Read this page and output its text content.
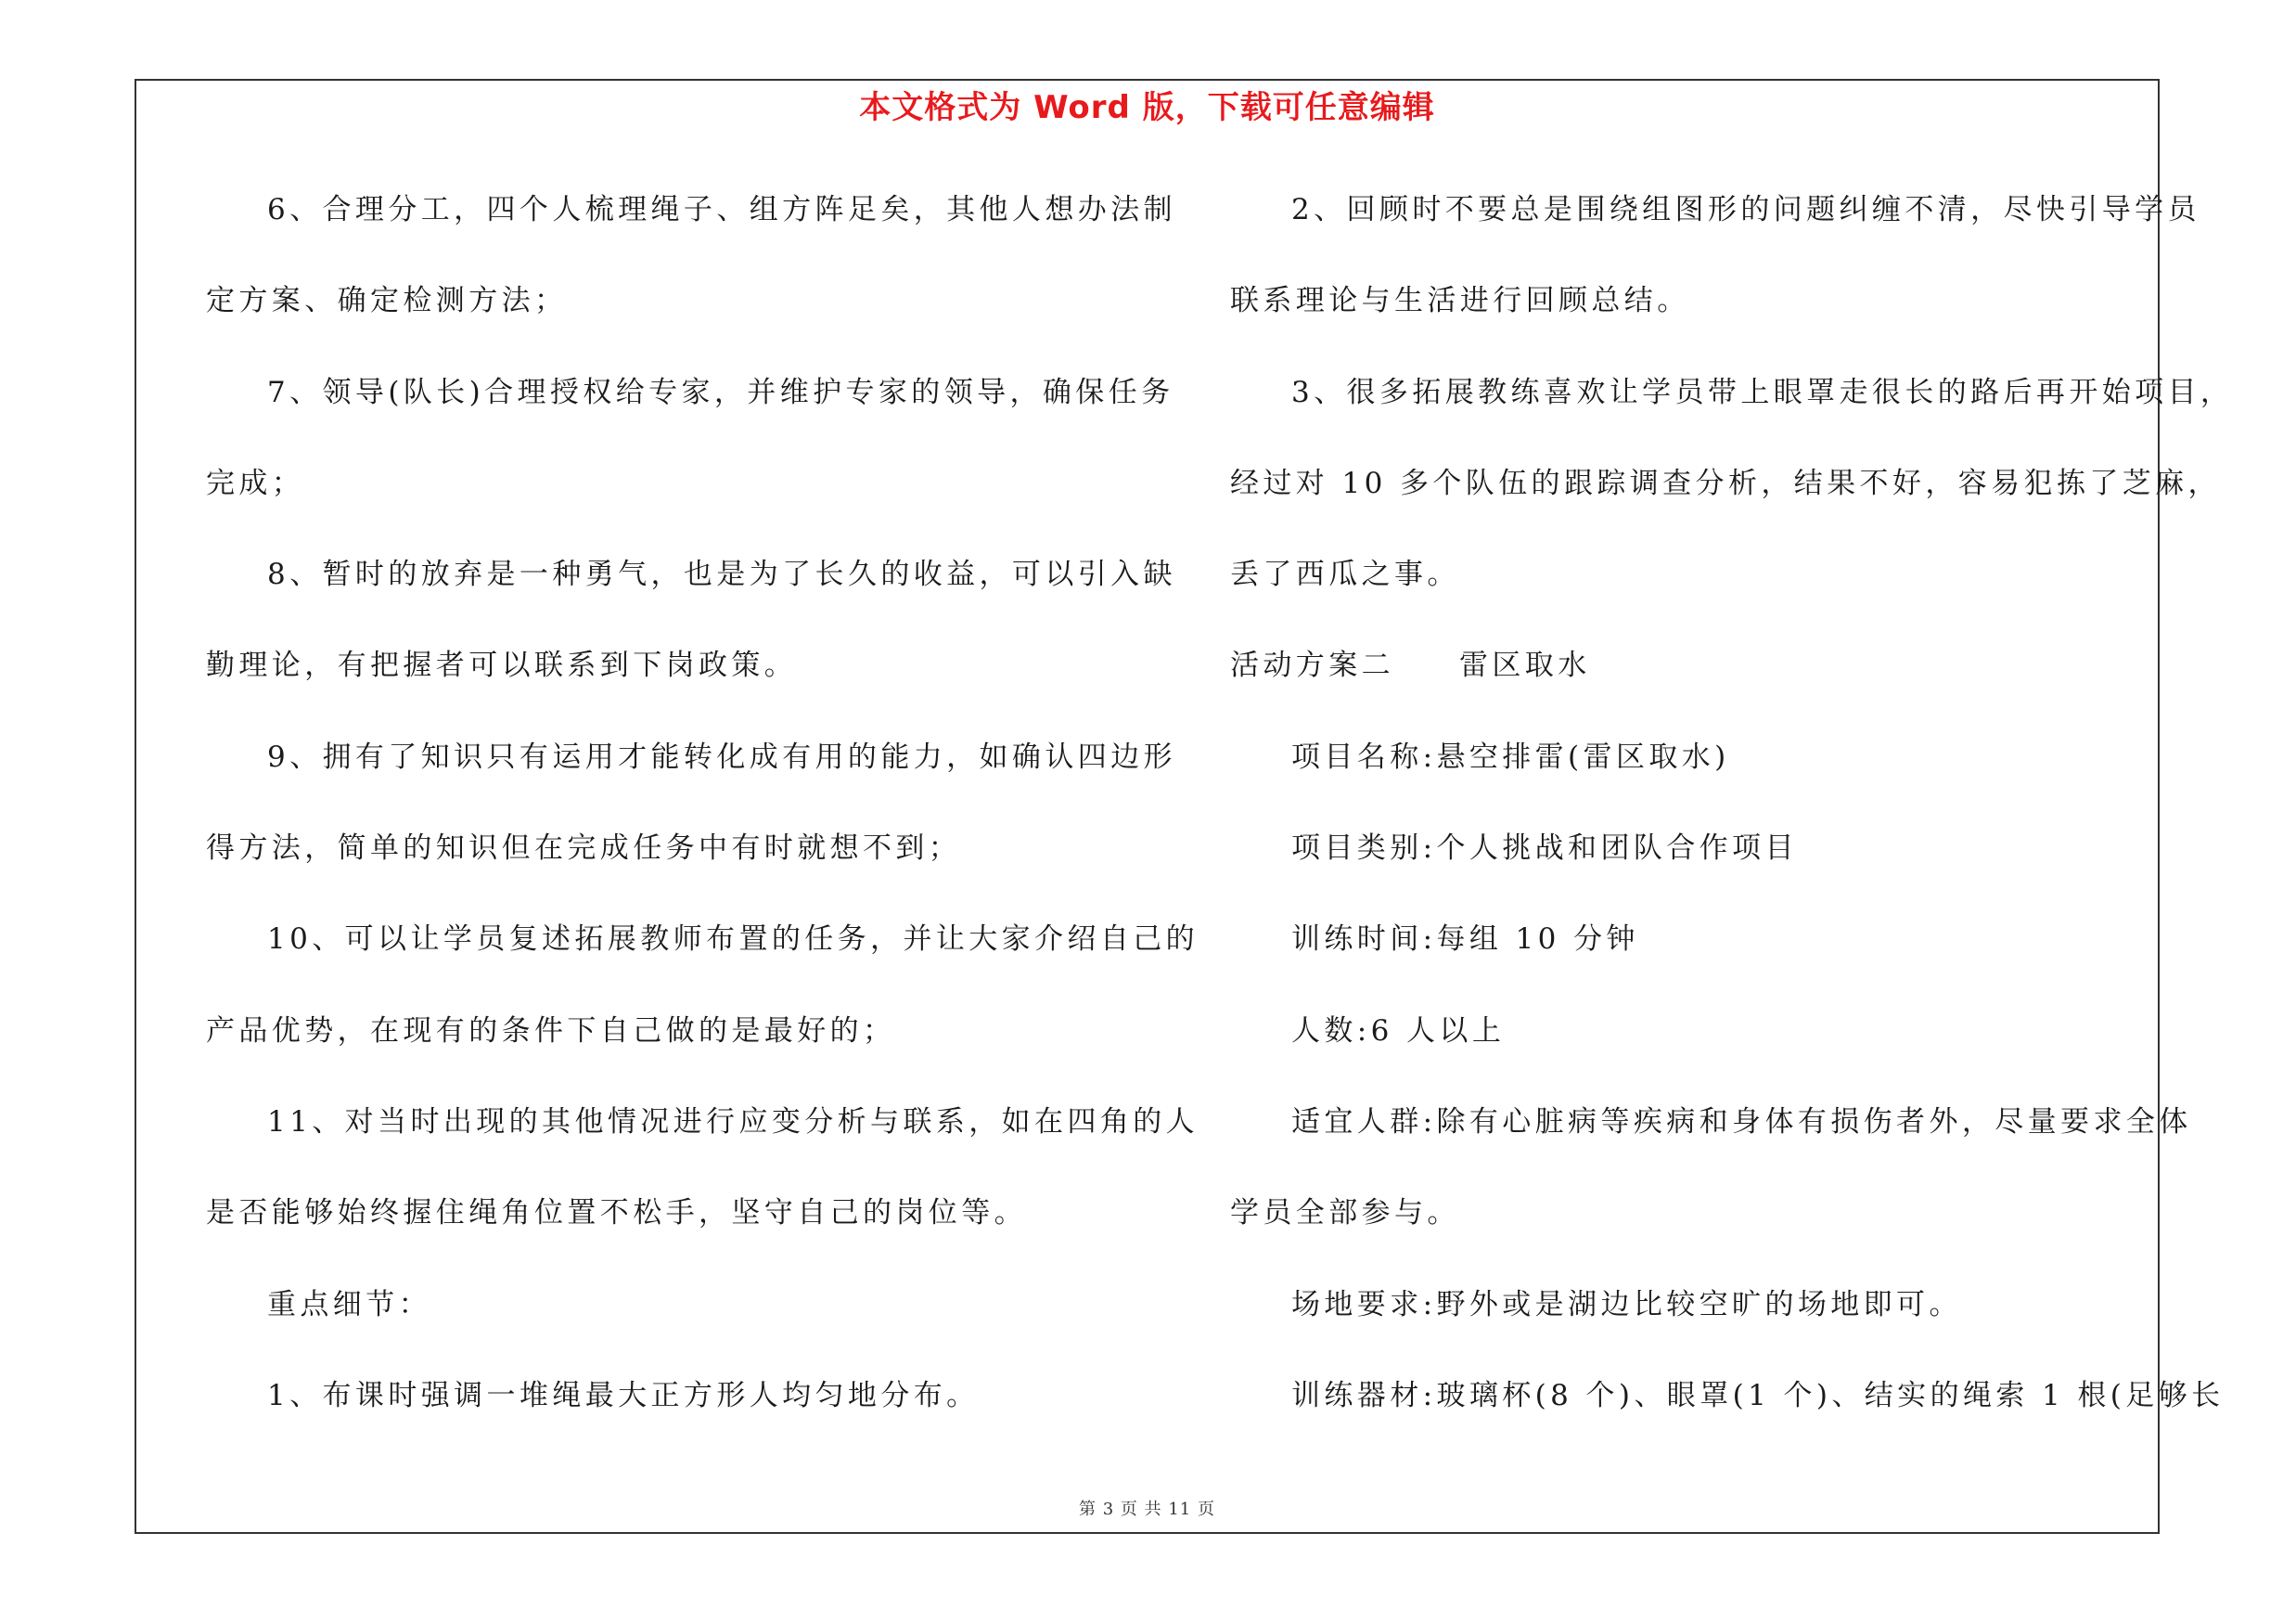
本文格式为 Word 版，下载可任意编辑
6、合理分工，四个人梳理绳子、组方阵足矣，其他人想办法制
定方案、确定检测方法；
7、领导(队长)合理授权给专家，并维护专家的领导，确保任务
完成；
8、暂时的放弃是一种勇气，也是为了长久的收益，可以引入缺
勤理论，有把握者可以联系到下岗政策。
9、拥有了知识只有运用才能转化成有用的能力，如确认四边形
得方法，简单的知识但在完成任务中有时就想不到；
10、可以让学员复述拓展教师布置的任务，并让大家介绍自己的
产品优势，在现有的条件下自己做的是最好的；
11、对当时出现的其他情况进行应变分析与联系，如在四角的人
是否能够始终握住绳角位置不松手，坚守自己的岗位等。
重点细节：
1、布课时强调一堆绳最大正方形人均匀地分布。
2、回顾时不要总是围绕组图形的问题纠缠不清，尽快引导学员
联系理论与生活进行回顾总结。
3、很多拓展教练喜欢让学员带上眼罩走很长的路后再开始项目，
经过对 10 多个队伍的跟踪调查分析，结果不好，容易犯拣了芝麻，
丢了西瓜之事。
活动方案二 雷区取水
项目名称:悬空排雷(雷区取水)
项目类别:个人挑战和团队合作项目
训练时间:每组 10 分钟
人数:6 人以上
适宜人群:除有心脏病等疾病和身体有损伤者外，尽量要求全体
学员全部参与。
场地要求:野外或是湖边比较空旷的场地即可。
训练器材:玻璃杯(8 个)、眼罩(1 个)、结实的绳索 1 根(足够长
第 3 页 共 11 页
